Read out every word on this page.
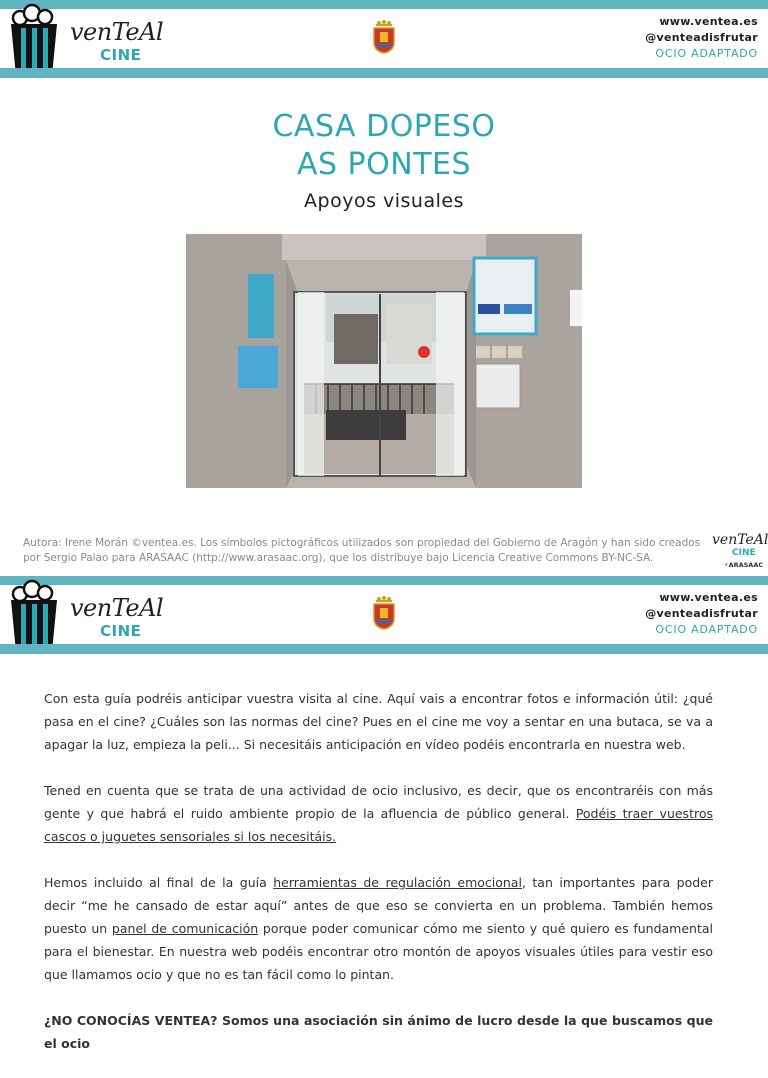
venTeAl
CINE
www.ventea.es
@venteadisfrutar
OCIO ADAPTADO
CASA DOPESO
AS PONTES
Apoyos visuales
Autora: Irene Morán ©ventea.es. Los símbolos pictográficos utilizados son propiedad del Gobierno de Aragón y han sido creados por Sergio Palao para ARASAAC (http://www.arasaac.org), que los distribuye bajo Licencia Creative Commons BY-NC-SA.
venTeAl
CINE
⚡ARASAAC
venTeAl
CINE
www.ventea.es
@venteadisfrutar
OCIO ADAPTADO

Con esta guía podréis anticipar vuestra visita al cine. Aquí vais a encontrar fotos e información útil: ¿qué pasa en el cine? ¿Cuáles son las normas del cine? Pues en el cine me voy a sentar en una butaca, se va a apagar la luz, empieza la peli... Si necesitáis anticipación en vídeo podéis encontrarla en nuestra web.

Tened en cuenta que se trata de una actividad de ocio inclusivo, es decir, que os encontraréis con más gente y que habrá el ruido ambiente propio de la afluencia de público general. Podéis traer vuestros cascos o juguetes sensoriales si los necesitáis.

Hemos incluido al final de la guía herramientas de regulación emocional, tan importantes para poder decir “me he cansado de estar aquí” antes de que eso se convierta en un problema. También hemos puesto un panel de comunicación porque poder comunicar cómo me siento y qué quiero es fundamental para el bienestar. En nuestra web podéis encontrar otro montón de apoyos visuales útiles para vestir eso que llamamos ocio y que no es tan fácil como lo pintan.

¿NO CONOCÍAS VENTEA? Somos una asociación sin ánimo de lucro desde la que buscamos que el ocio
